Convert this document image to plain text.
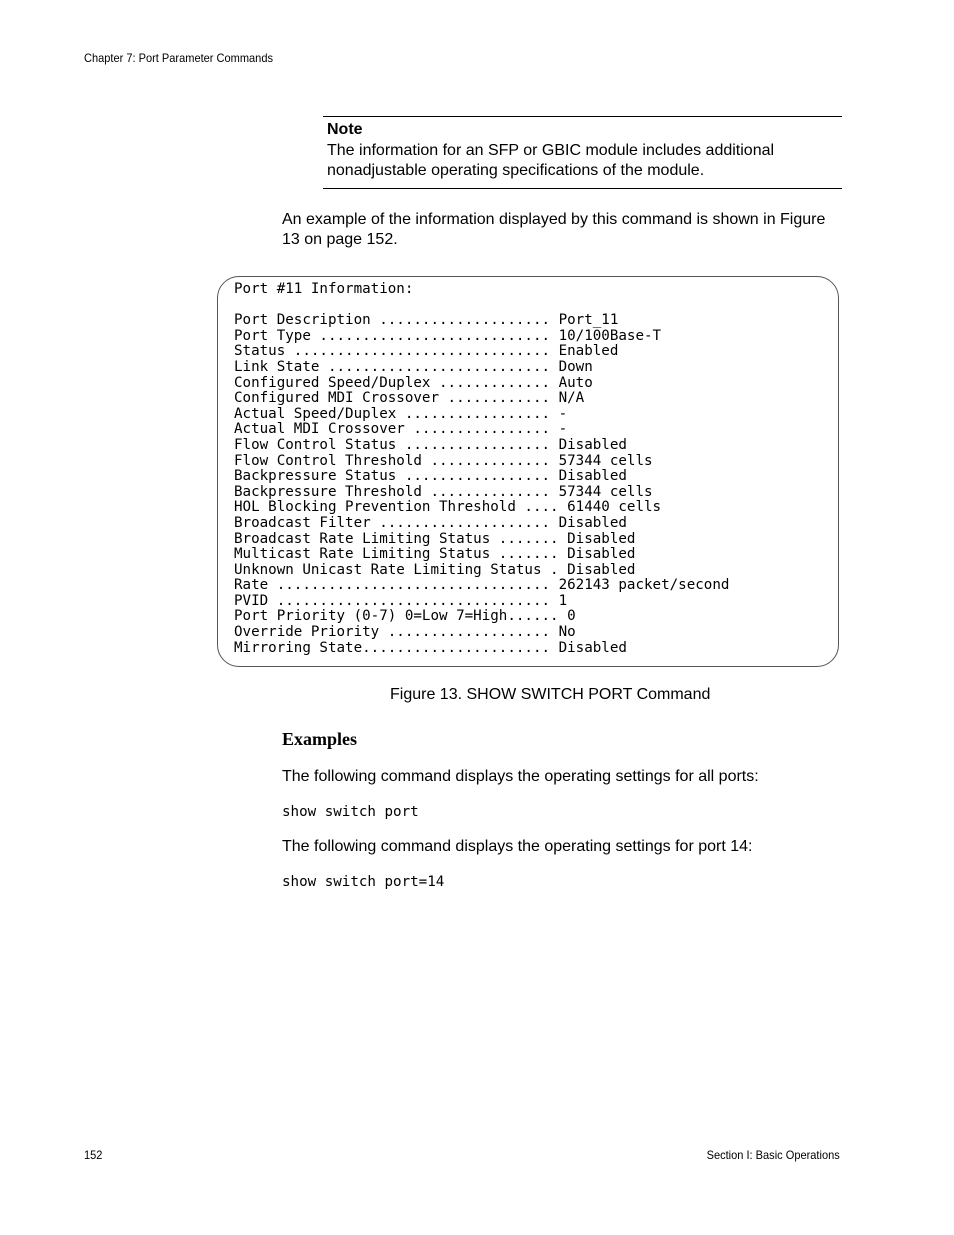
Chapter 7: Port Parameter Commands
Note
The information for an SFP or GBIC module includes additional nonadjustable operating specifications of the module.
An example of the information displayed by this command is shown in Figure 13 on page 152.
Port #11 Information:

Port Description .................... Port_11
Port Type ........................... 10/100Base-T
Status .............................. Enabled
Link State .......................... Down
Configured Speed/Duplex ............. Auto
Configured MDI Crossover ............ N/A
Actual Speed/Duplex ................. -
Actual MDI Crossover ................ -
Flow Control Status ................. Disabled
Flow Control Threshold .............. 57344 cells
Backpressure Status ................. Disabled
Backpressure Threshold .............. 57344 cells
HOL Blocking Prevention Threshold .... 61440 cells
Broadcast Filter .................... Disabled
Broadcast Rate Limiting Status ....... Disabled
Multicast Rate Limiting Status ....... Disabled
Unknown Unicast Rate Limiting Status . Disabled
Rate ................................ 262143 packet/second
PVID ................................ 1
Port Priority (0-7) 0=Low 7=High...... 0
Override Priority ................... No
Mirroring State...................... Disabled
Figure 13. SHOW SWITCH PORT Command
Examples
The following command displays the operating settings for all ports:
show switch port
The following command displays the operating settings for port 14:
show switch port=14
152	Section I: Basic Operations
